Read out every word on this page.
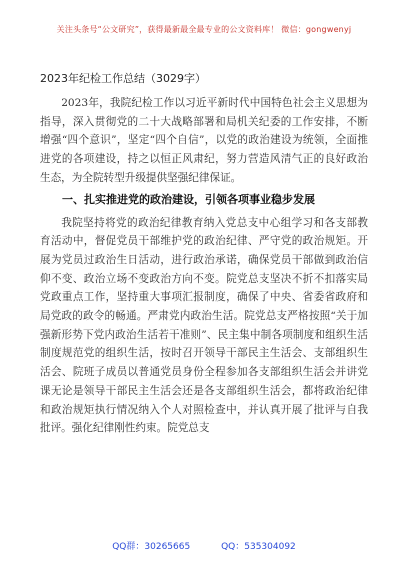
关注头条号“公文研究”，获得最新最全最专业的公文资料库！ 微信：gongwenyj
2023年纪检工作总结（3029字）

2023年，我院纪检工作以习近平新时代中国特色社会主义思想为指导，深入贯彻党的二十大战略部署和局机关纪委的工作安排，不断增强“四个意识”，坚定“四个自信”，以党的政治建设为统领，全面推进党的各项建设，持之以恒正风肃纪，努力营造风清气正的良好政治生态，为全院转型升级提供坚强纪律保证。

一、扎实推进党的政治建设，引领各项事业稳步发展

我院坚持将党的政治纪律教育纳入党总支中心组学习和各支部教育活动中，督促党员干部维护党的政治纪律、严守党的政治规矩。开展为党员过政治生日活动，进行政治承诺，确保党员干部做到政治信仰不变、政治立场不变政治方向不变。院党总支坚决不折不扣落实局党政重点工作，坚持重大事项汇报制度，确保了中央、省委省政府和局党政的政令的畅通。严肃党内政治生活。院党总支严格按照“关于加强新形势下党内政治生活若干准则”、民主集中制各项制度和组织生活制度规范党的组织生活，按时召开领导干部民主生活会、支部组织生活会、院班子成员以普通党员身份全程参加各支部组织生活会并讲党课无论是领导干部民主生活会还是各支部组织生活会，都将政治纪律和政治规矩执行情况纳入个人对照检查中，并认真开展了批评与自我批评。强化纪律刚性约束。院党总支

QQ群：30265665	QQ：535304092
